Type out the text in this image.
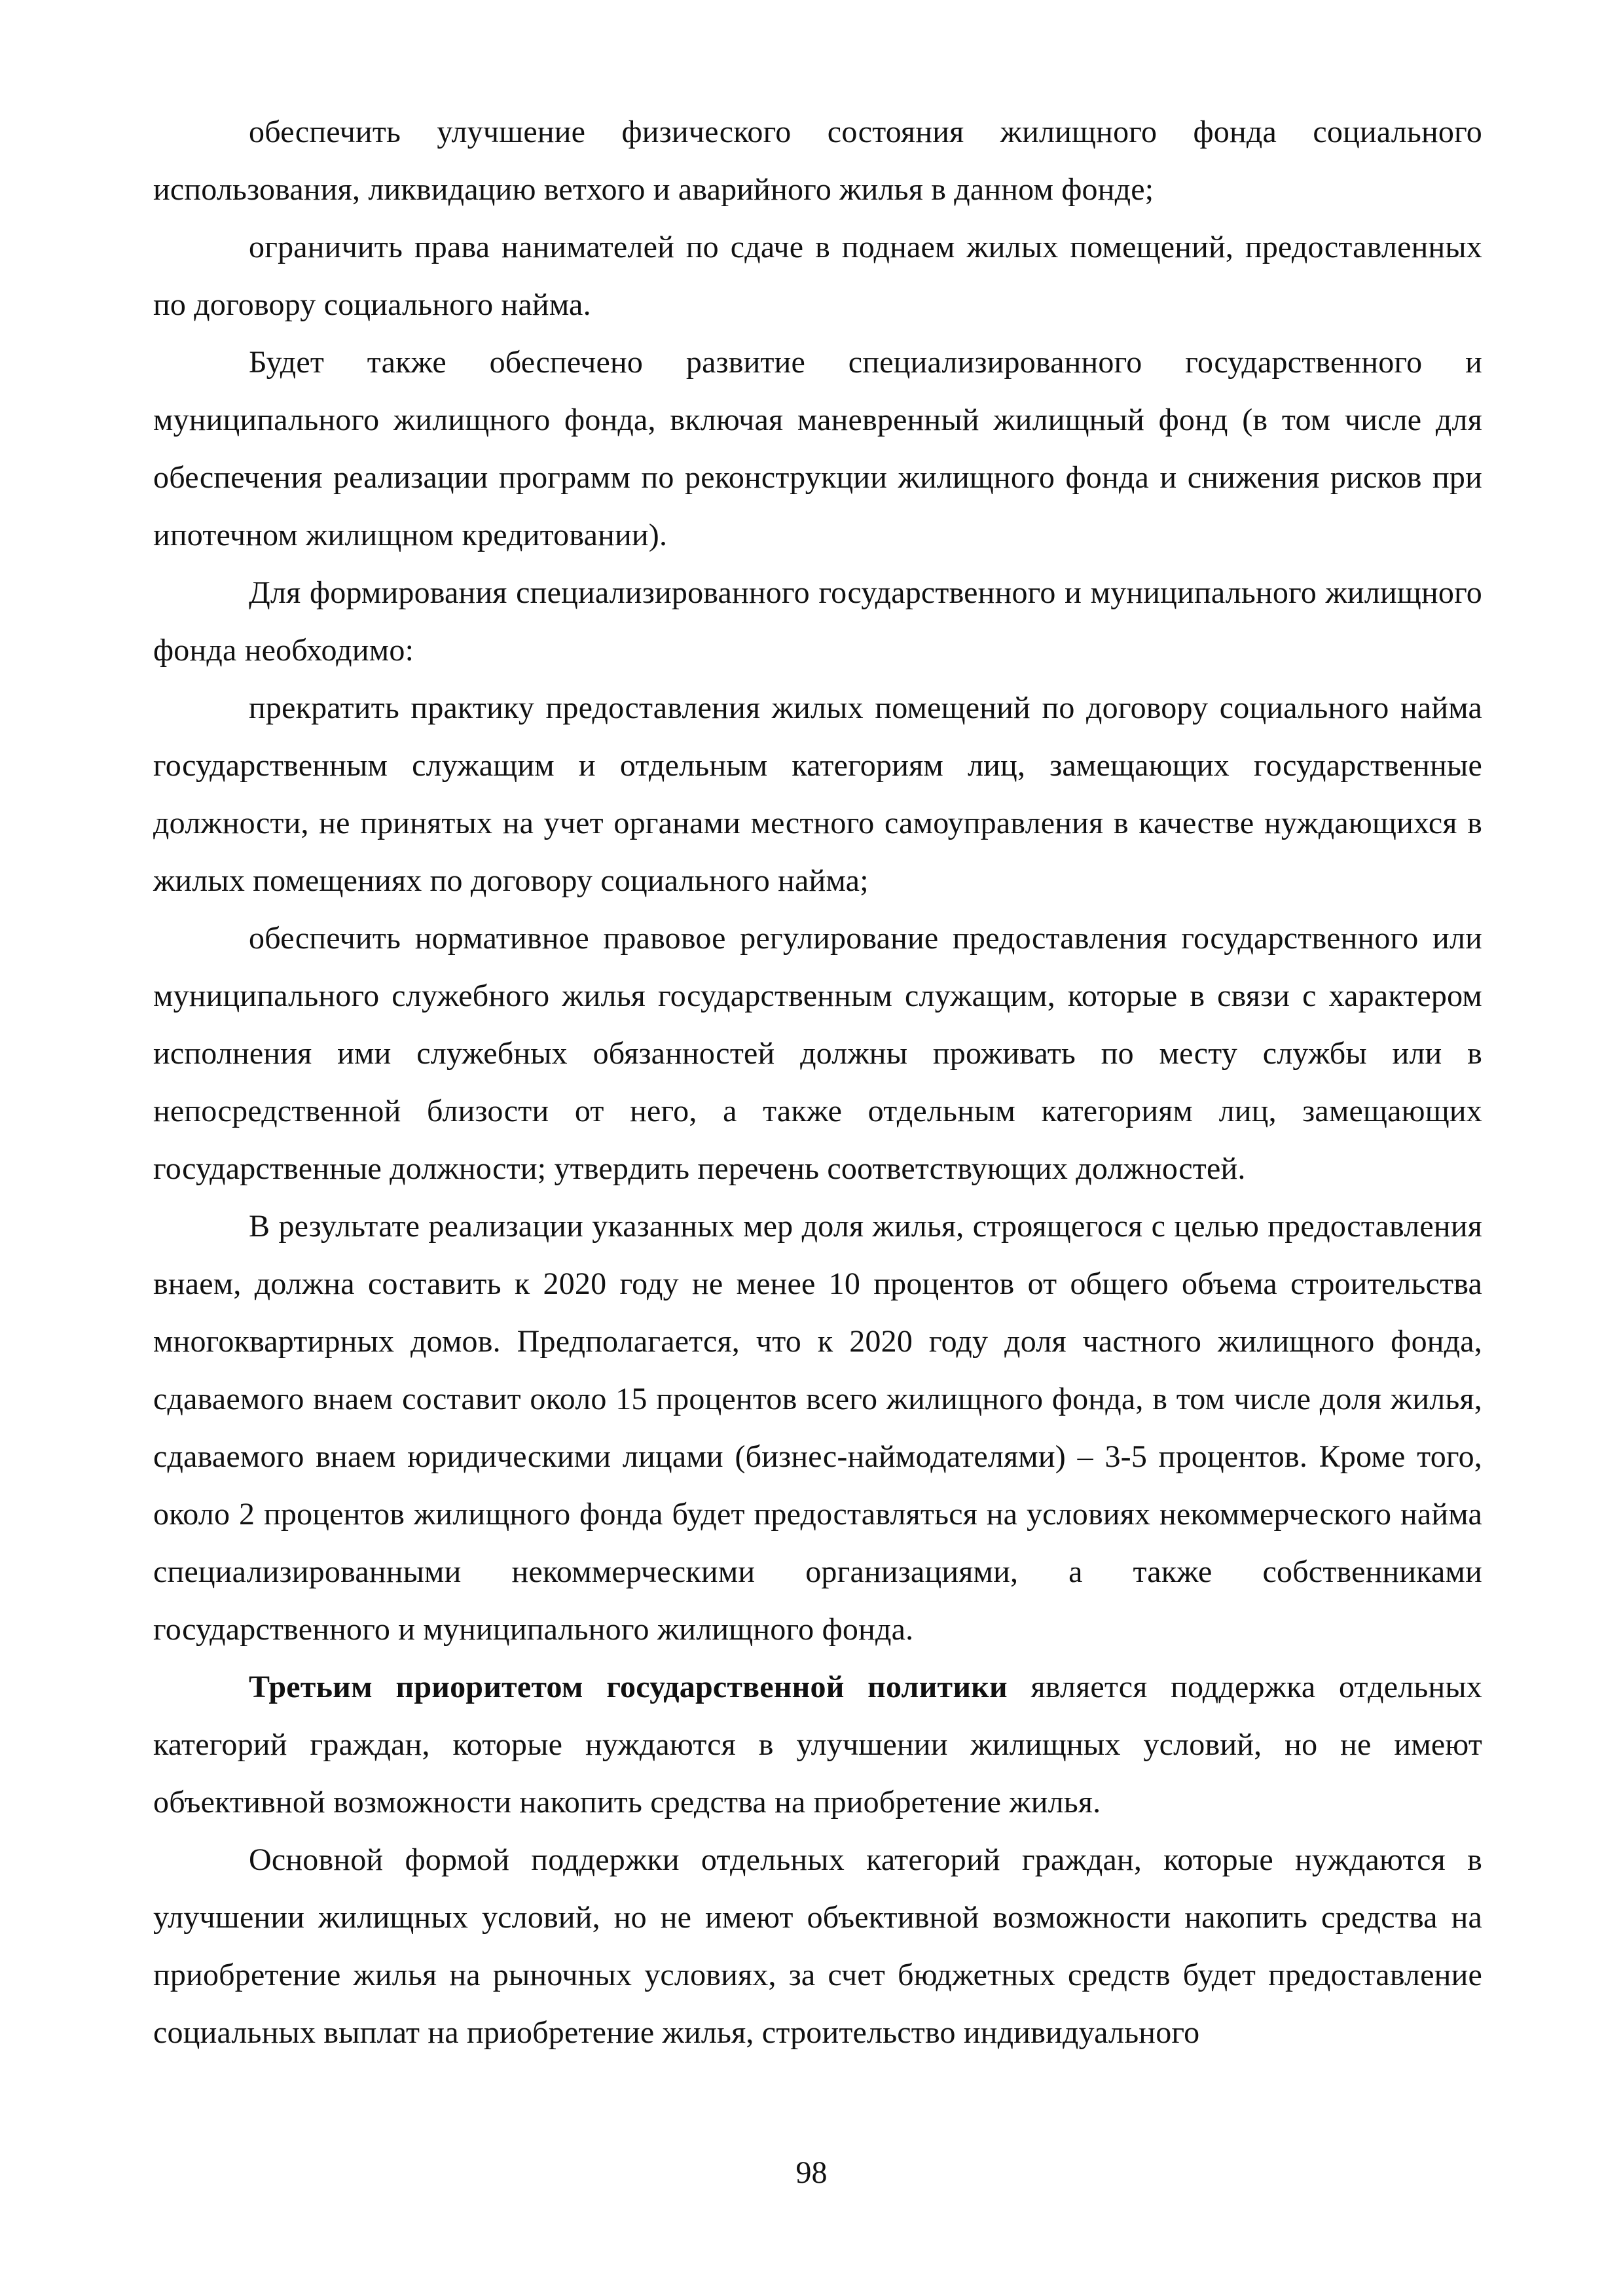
обеспечить улучшение физического состояния жилищного фонда социального использования, ликвидацию ветхого и аварийного жилья в данном фонде;

ограничить права нанимателей по сдаче в поднаем жилых помещений, предоставленных по договору социального найма.

Будет также обеспечено развитие специализированного государственного и муниципального жилищного фонда, включая маневренный жилищный фонд (в том числе для обеспечения реализации программ по реконструкции жилищного фонда и снижения рисков при ипотечном жилищном кредитовании).

Для формирования специализированного государственного и муниципального жилищного фонда необходимо:

прекратить практику предоставления жилых помещений по договору социального найма государственным служащим и отдельным категориям лиц, замещающих государственные должности, не принятых на учет органами местного самоуправления в качестве нуждающихся в жилых помещениях по договору социального найма;

обеспечить нормативное правовое регулирование предоставления государственного или муниципального служебного жилья государственным служащим, которые в связи с характером исполнения ими служебных обязанностей должны проживать по месту службы или в непосредственной близости от него, а также отдельным категориям лиц, замещающих государственные должности; утвердить перечень соответствующих должностей.

В результате реализации указанных мер доля жилья, строящегося с целью предоставления внаем, должна составить к 2020 году не менее 10 процентов от общего объема строительства многоквартирных домов. Предполагается, что к 2020 году доля частного жилищного фонда, сдаваемого внаем составит около 15 процентов всего жилищного фонда, в том числе доля жилья, сдаваемого внаем юридическими лицами (бизнес-наймодателями) – 3-5 процентов. Кроме того, около 2 процентов жилищного фонда будет предоставляться на условиях некоммерческого найма специализированными некоммерческими организациями, а также собственниками государственного и муниципального жилищного фонда.

Третьим приоритетом государственной политики является поддержка отдельных категорий граждан, которые нуждаются в улучшении жилищных условий, но не имеют объективной возможности накопить средства на приобретение жилья.

Основной формой поддержки отдельных категорий граждан, которые нуждаются в улучшении жилищных условий, но не имеют объективной возможности накопить средства на приобретение жилья на рыночных условиях, за счет бюджетных средств будет предоставление социальных выплат на приобретение жилья, строительство индивидуального

98
